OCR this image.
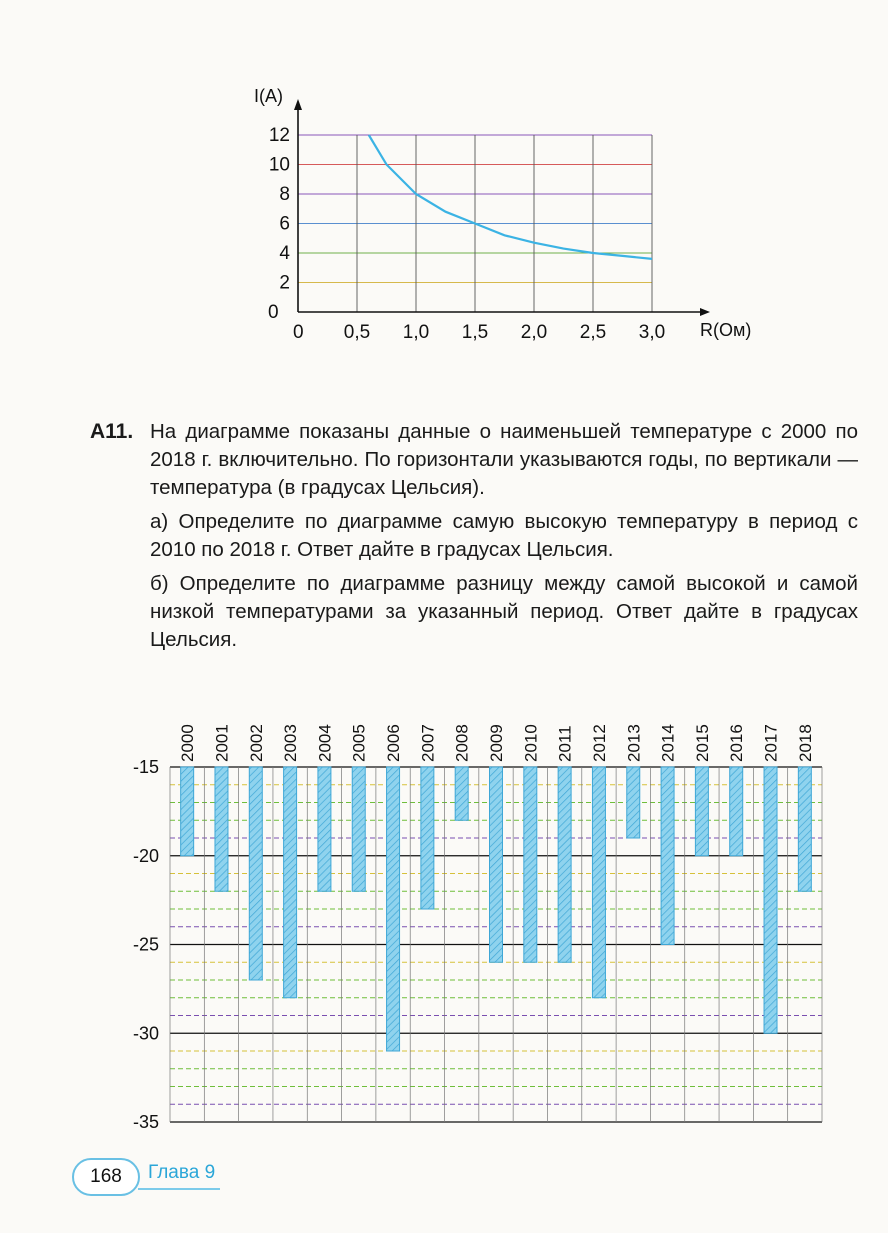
I(A)
R(Ом)
0
0
2
4
6
8
10
12
0,5 1,0 1,5 2,0 2,5 3,0
A11. На диаграмме показаны данные о наименьшей температуре с 2000 по 2018 г. включительно. По горизонтали указываются годы, по вертикали — температура (в градусах Цельсия).

а) Определите по диаграмме самую высокую температуру в период с 2010 по 2018 г. Ответ дайте в градусах Цельсия.

б) Определите по диаграмме разницу между самой высокой и самой низкой температурами за указанный период. Ответ дайте в градусах Цельсия.

2000 2001 2002 2003 2004 2005 2006 2007 2008 2009 2010 2011 2012 2013 2014 2015 2016 2017 2018
-15
-20
-25
-30
-35
168	Глава 9
